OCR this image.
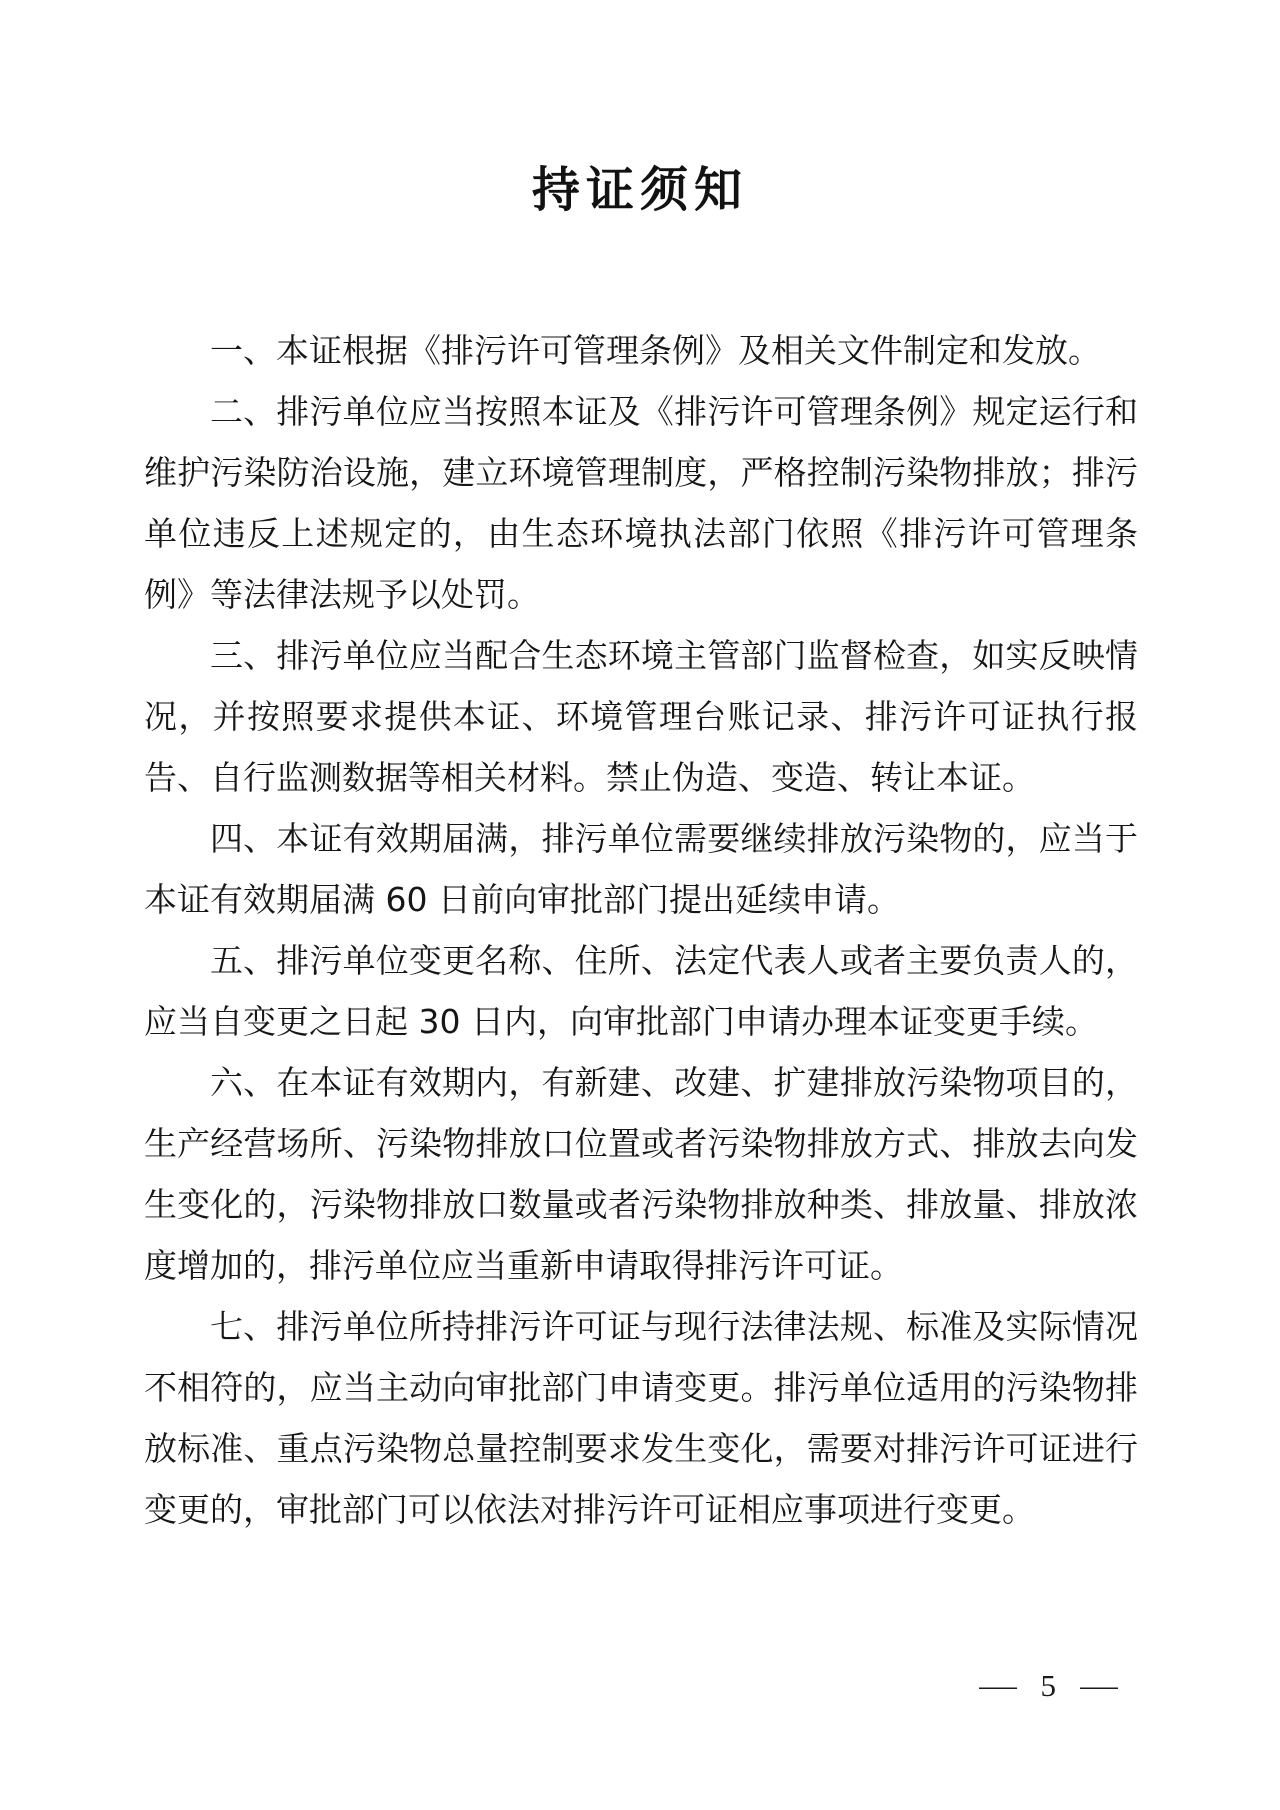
持证须知

一、本证根据《排污许可管理条例》及相关文件制定和发放。

二、排污单位应当按照本证及《排污许可管理条例》规定运行和维护污染防治设施，建立环境管理制度，严格控制污染物排放；排污单位违反上述规定的，由生态环境执法部门依照《排污许可管理条例》等法律法规予以处罚。

三、排污单位应当配合生态环境主管部门监督检查，如实反映情况，并按照要求提供本证、环境管理台账记录、排污许可证执行报告、自行监测数据等相关材料。禁止伪造、变造、转让本证。

四、本证有效期届满，排污单位需要继续排放污染物的，应当于本证有效期届满 60 日前向审批部门提出延续申请。

五、排污单位变更名称、住所、法定代表人或者主要负责人的，应当自变更之日起 30 日内，向审批部门申请办理本证变更手续。

六、在本证有效期内，有新建、改建、扩建排放污染物项目的，生产经营场所、污染物排放口位置或者污染物排放方式、排放去向发生变化的，污染物排放口数量或者污染物排放种类、排放量、排放浓度增加的，排污单位应当重新申请取得排污许可证。

七、排污单位所持排污许可证与现行法律法规、标准及实际情况不相符的，应当主动向审批部门申请变更。排污单位适用的污染物排放标准、重点污染物总量控制要求发生变化，需要对排污许可证进行变更的，审批部门可以依法对排污许可证相应事项进行变更。

— 5 —
